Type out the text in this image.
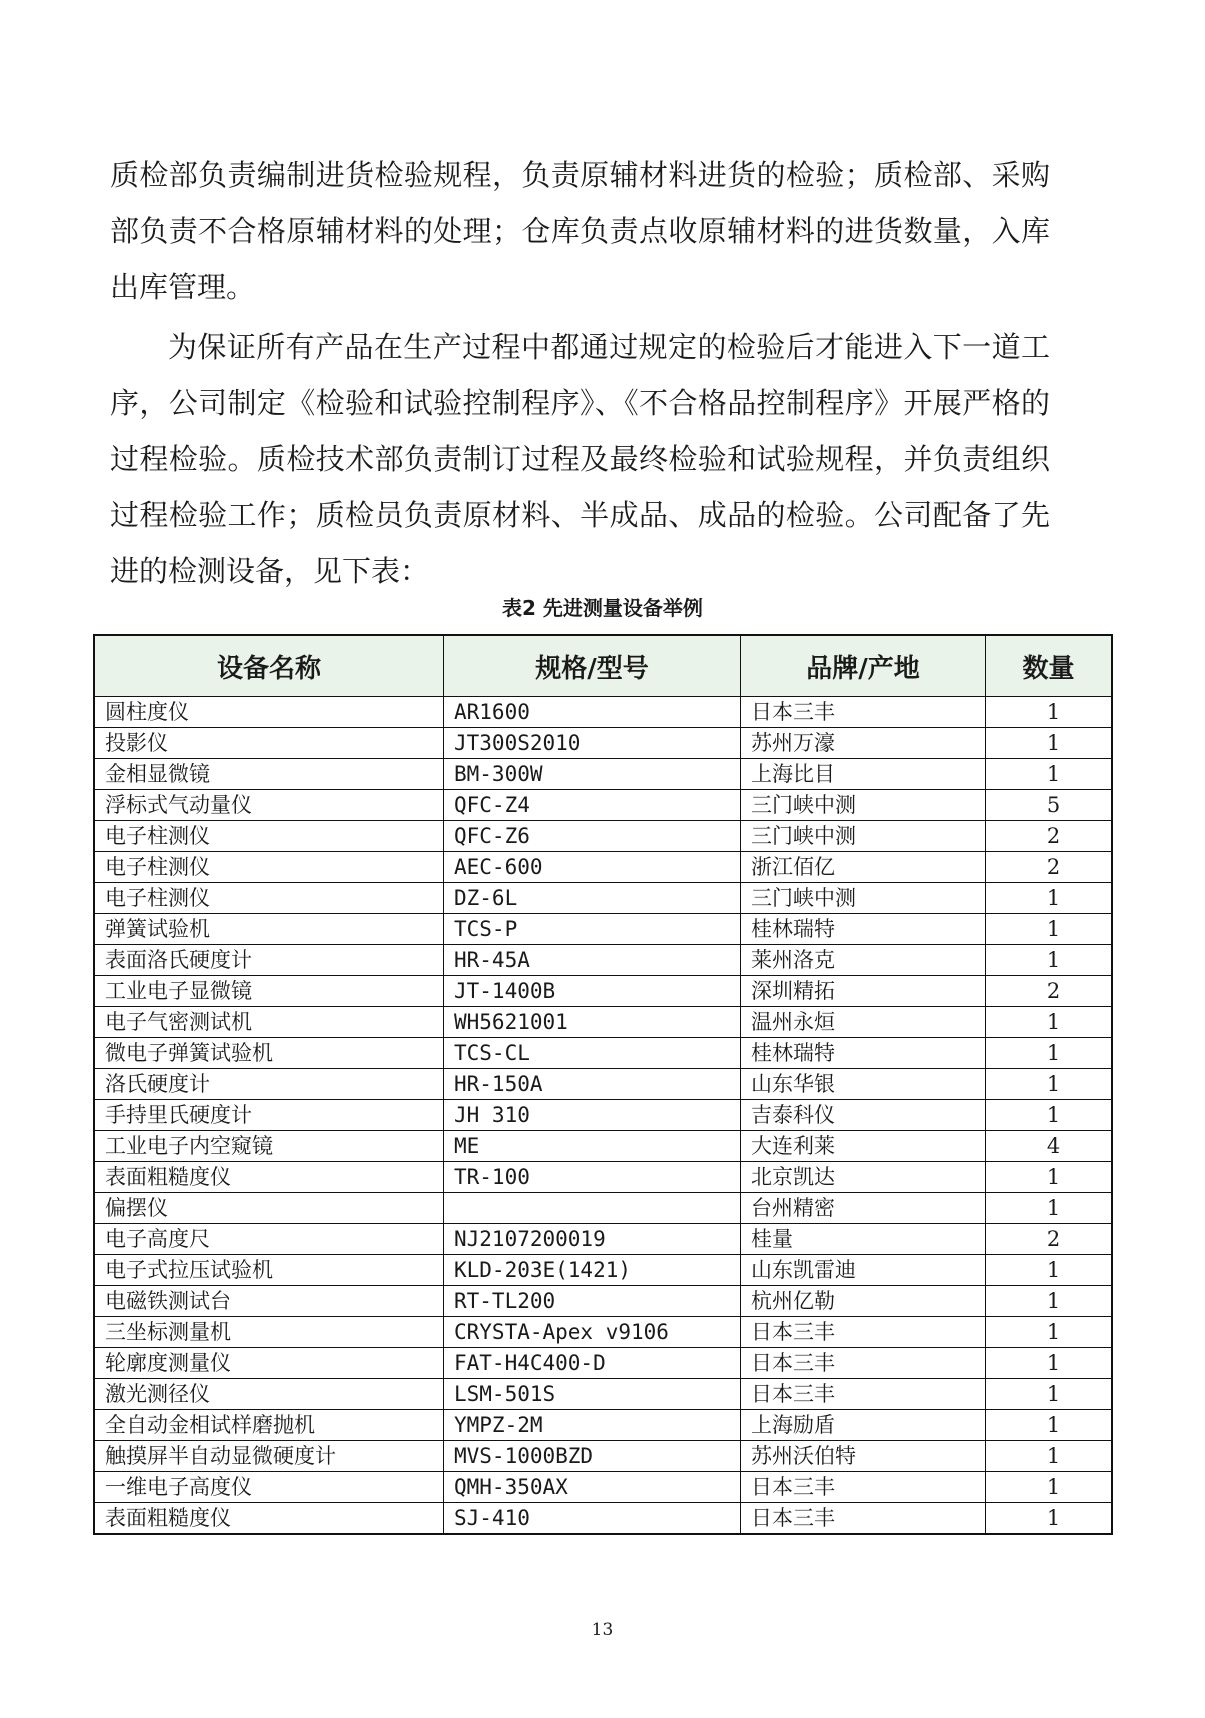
质检部负责编制进货检验规程，负责原辅材料进货的检验；质检部、采购部负责不合格原辅材料的处理；仓库负责点收原辅材料的进货数量，入库出库管理。

为保证所有产品在生产过程中都通过规定的检验后才能进入下一道工序，公司制定《检验和试验控制程序》、《不合格品控制程序》开展严格的过程检验。质检技术部负责制订过程及最终检验和试验规程，并负责组织过程检验工作；质检员负责原材料、半成品、成品的检验。公司配备了先进的检测设备，见下表：

表2 先进测量设备举例
设备名称	规格/型号	品牌/产地	数量
圆柱度仪	AR1600	日本三丰	1
投影仪	JT300S2010	苏州万濠	1
金相显微镜	BM-300W	上海比目	1
浮标式气动量仪	QFC-Z4	三门峡中测	5
电子柱测仪	QFC-Z6	三门峡中测	2
电子柱测仪	AEC-600	浙江佰亿	2
电子柱测仪	DZ-6L	三门峡中测	1
弹簧试验机	TCS-P	桂林瑞特	1
表面洛氏硬度计	HR-45A	莱州洛克	1
工业电子显微镜	JT-1400B	深圳精拓	2
电子气密测试机	WH5621001	温州永烜	1
微电子弹簧试验机	TCS-CL	桂林瑞特	1
洛氏硬度计	HR-150A	山东华银	1
手持里氏硬度计	JH 310	吉泰科仪	1
工业电子内空窥镜	ME	大连利莱	4
表面粗糙度仪	TR-100	北京凯达	1
偏摆仪		台州精密	1
电子高度尺	NJ2107200019	桂量	2
电子式拉压试验机	KLD-203E(1421)	山东凯雷迪	1
电磁铁测试台	RT-TL200	杭州亿勒	1
三坐标测量机	CRYSTA-Apex v9106	日本三丰	1
轮廓度测量仪	FAT-H4C400-D	日本三丰	1
激光测径仪	LSM-501S	日本三丰	1
全自动金相试样磨抛机	YMPZ-2M	上海励盾	1
触摸屏半自动显微硬度计	MVS-1000BZD	苏州沃伯特	1
一维电子高度仪	QMH-350AX	日本三丰	1
表面粗糙度仪	SJ-410	日本三丰	1
13
